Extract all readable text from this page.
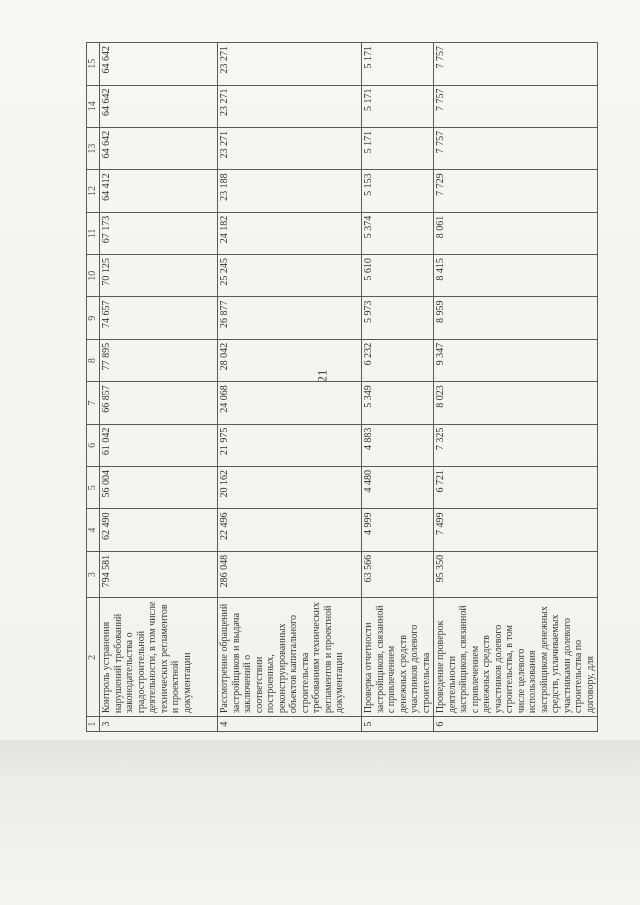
21
1	2	3	4	5	6	7	8	9	10	11	12	13	14	15
3	Контроль устранения нарушений требований законодательства о градостроительной деятельности, в том числе технических регламентов и проектной документации	794 581	62 490	56 004	61 042	66 857	77 895	74 657	70 125	67 173	64 412	64 642	64 642	64 642
4	Рассмотрение обращений застройщиков и выдача заключений о соответствии построенных, реконструированных объектов капитального строительства требованиям технических регламентов и проектной документации	286 048	22 496	20 162	21 975	24 068	28 042	26 877	25 245	24 182	23 188	23 271	23 271	23 271
5	Проверка отчетности застройщиков, связанной с привлечением денежных средств участников долевого строительства	63 566	4 999	4 480	4 883	5 349	6 232	5 973	5 610	5 374	5 153	5 171	5 171	5 171
6	Проведение проверок деятельности застройщиков, связанной с привлечением денежных средств участников долевого строительства, в том числе целевого использования застройщиком денежных средств, уплачиваемых участниками долевого строительства по договору, для	95 350	7 499	6 721	7 325	8 023	9 347	8 959	8 415	8 061	7 729	7 757	7 757	7 757
